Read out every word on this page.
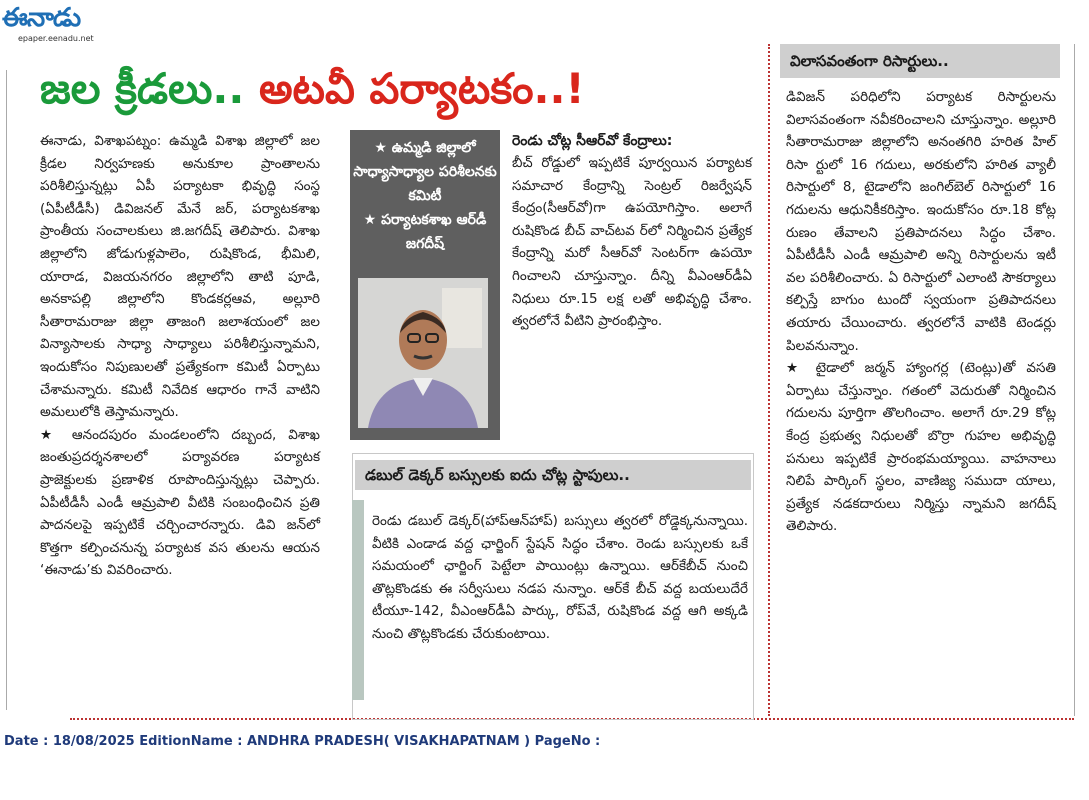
ఈనాడు
epaper.eenadu.net
జల క్రీడలు.. అటవీ పర్యాటకం..!

ఈనాడు, విశాఖపట్నం: ఉమ్మడి విశాఖ జిల్లాలో జల క్రీడల నిర్వహణకు అనుకూల ప్రాంతాలను పరిశీలిస్తున్నట్లు ఏపీ పర్యాటకా భివృద్ధి సంస్థ (ఏపీటీడీసీ) డివిజనల్ మేనే జర్, పర్యాటకశాఖ ప్రాంతీయ సంచాలకులు జి.జగదీష్ తెలిపారు. విశాఖ జిల్లాలోని జోడుగుళ్లపాలెం, రుషికొండ, భీమిలి, యారాడ, విజయనగరం జిల్లాలోని తాటి పూడి, అనకాపల్లి జిల్లాలోని కొండకర్లఆవ, అల్లూరి సీతారామరాజు జిల్లా తాజంగి జలాశయంలో జల విన్యాసాలకు సాధ్యా సాధ్యాలు పరిశీలిస్తున్నామని, ఇందుకోసం నిపుణులతో ప్రత్యేకంగా కమిటీ ఏర్పాటు చేశామన్నారు. కమిటీ నివేదిక ఆధారం గానే వాటిని అమలులోకి తెస్తామన్నారు.

★ ఆనందపురం మండలంలోని దబ్బంద, విశాఖ జంతుప్రదర్శనశాలలో పర్యావరణ పర్యాటక ప్రాజెక్టులకు ప్రణాళిక రూపొందిస్తున్నట్లు చెప్పారు. ఏపీటీడీసీ ఎండీ ఆమ్రపాలి వీటికి సంబంధించిన ప్రతి పాదనలపై ఇప్పటికే చర్చించారన్నారు. డివి జన్‌లో కొత్తగా కల్పించనున్న పర్యాటక వస తులను ఆయన ‘ఈనాడు’కు వివరించారు.

★ ఉమ్మడి జిల్లాలో సాధ్యాసాధ్యాల పరిశీలనకు కమిటీ
★ పర్యాటకశాఖ ఆర్‌డీ జగదీష్
రెండు చోట్ల సీఆర్‌వో కేంద్రాలు:

బీచ్ రోడ్డులో ఇప్పటికే పూర్వయిన పర్యాటక సమాచార కేంద్రాన్ని సెంట్రల్ రిజర్వేషన్ కేంద్రం(సీఆర్‌వో)గా ఉపయోగిస్తాం. అలాగే రుషికొండ బీచ్ వాచ్‌టవ ర్‌లో నిర్మించిన ప్రత్యేక కేంద్రాన్ని మరో సీఆర్‌వో సెంటర్‌గా ఉపయో గించాలని చూస్తున్నాం. దీన్ని వీఎంఆర్‌డీఏ నిధులు రూ.15 లక్ష లతో అభివృద్ధి చేశాం. త్వరలోనే వీటిని ప్రారంభిస్తాం.

డబుల్ డెక్కర్ బస్సులకు ఐదు చోట్ల స్టాపులు..

రెండు డబుల్ డెక్కర్(హాప్‌ఆన్‌హాప్) బస్సులు త్వరలో రోడ్డెక్కనున్నాయి. వీటికి ఎండాడ వద్ద ఛార్జింగ్ స్టేషన్ సిద్ధం చేశాం. రెండు బస్సులకు ఒకే సమయంలో ఛార్జింగ్ పెట్టేలా పాయింట్లు ఉన్నాయి. ఆర్‌కేబీచ్ నుంచి తొట్లకొండకు ఈ సర్వీసులు నడప నున్నాం. ఆర్‌కే బీచ్ వద్ద బయలుదేరే టీయూ-142, వీఎంఆర్‌డీఏ పార్కు, రోప్‌వే, రుషికొండ వద్ద ఆగి అక్కడి నుంచి తొట్లకొండకు చేరుకుంటాయి.

విలాసవంతంగా రిసార్టులు..

డివిజన్ పరిధిలోని పర్యాటక రిసార్టులను విలాసవంతంగా నవీకరించాలని చూస్తున్నాం. అల్లూరి సీతారామరాజు జిల్లాలోని అనంతగిరి హరిత హిల్ రిసా ర్టులో 16 గదులు, అరకులోని హరిత వ్యాలీ రిసార్టులో 8, టైడాలోని జంగిల్‌బెల్ రిసార్టులో 16 గదులను ఆధునికీకరిస్తాం. ఇందుకోసం రూ.18 కోట్ల రుణం తేవాలని ప్రతిపాదనలు సిద్ధం చేశాం. ఏపీటీడీసీ ఎండీ ఆమ్రపాలి అన్ని రిసార్టులను ఇటీ వల పరిశీలించారు. ఏ రిసార్టులో ఎలాంటి సౌకర్యాలు కల్పిస్తే బాగుం టుందో స్వయంగా ప్రతిపాదనలు తయారు చేయించారు. త్వరలోనే వాటికి టెండర్లు పిలవనున్నాం.

★ టైడాలో జర్మన్ హ్యాంగర్ల (టెంట్లు)తో వసతి ఏర్పాటు చేస్తున్నాం. గతంలో వెదురుతో నిర్మించిన గదులను పూర్తిగా తొలగించాం. అలాగే రూ.29 కోట్ల కేంద్ర ప్రభుత్వ నిధులతో బొర్రా గుహల అభివృద్ధి పనులు ఇప్పటికే ప్రారంభమయ్యాయి. వాహనాలు నిలిపే పార్కింగ్ స్థలం, వాణిజ్య సముదా యాలు, ప్రత్యేక నడకదారులు నిర్మిస్తు న్నామని జగదీష్ తెలిపారు.

Date : 18/08/2025 EditionName : ANDHRA PRADESH( VISAKHAPATNAM ) PageNo :
